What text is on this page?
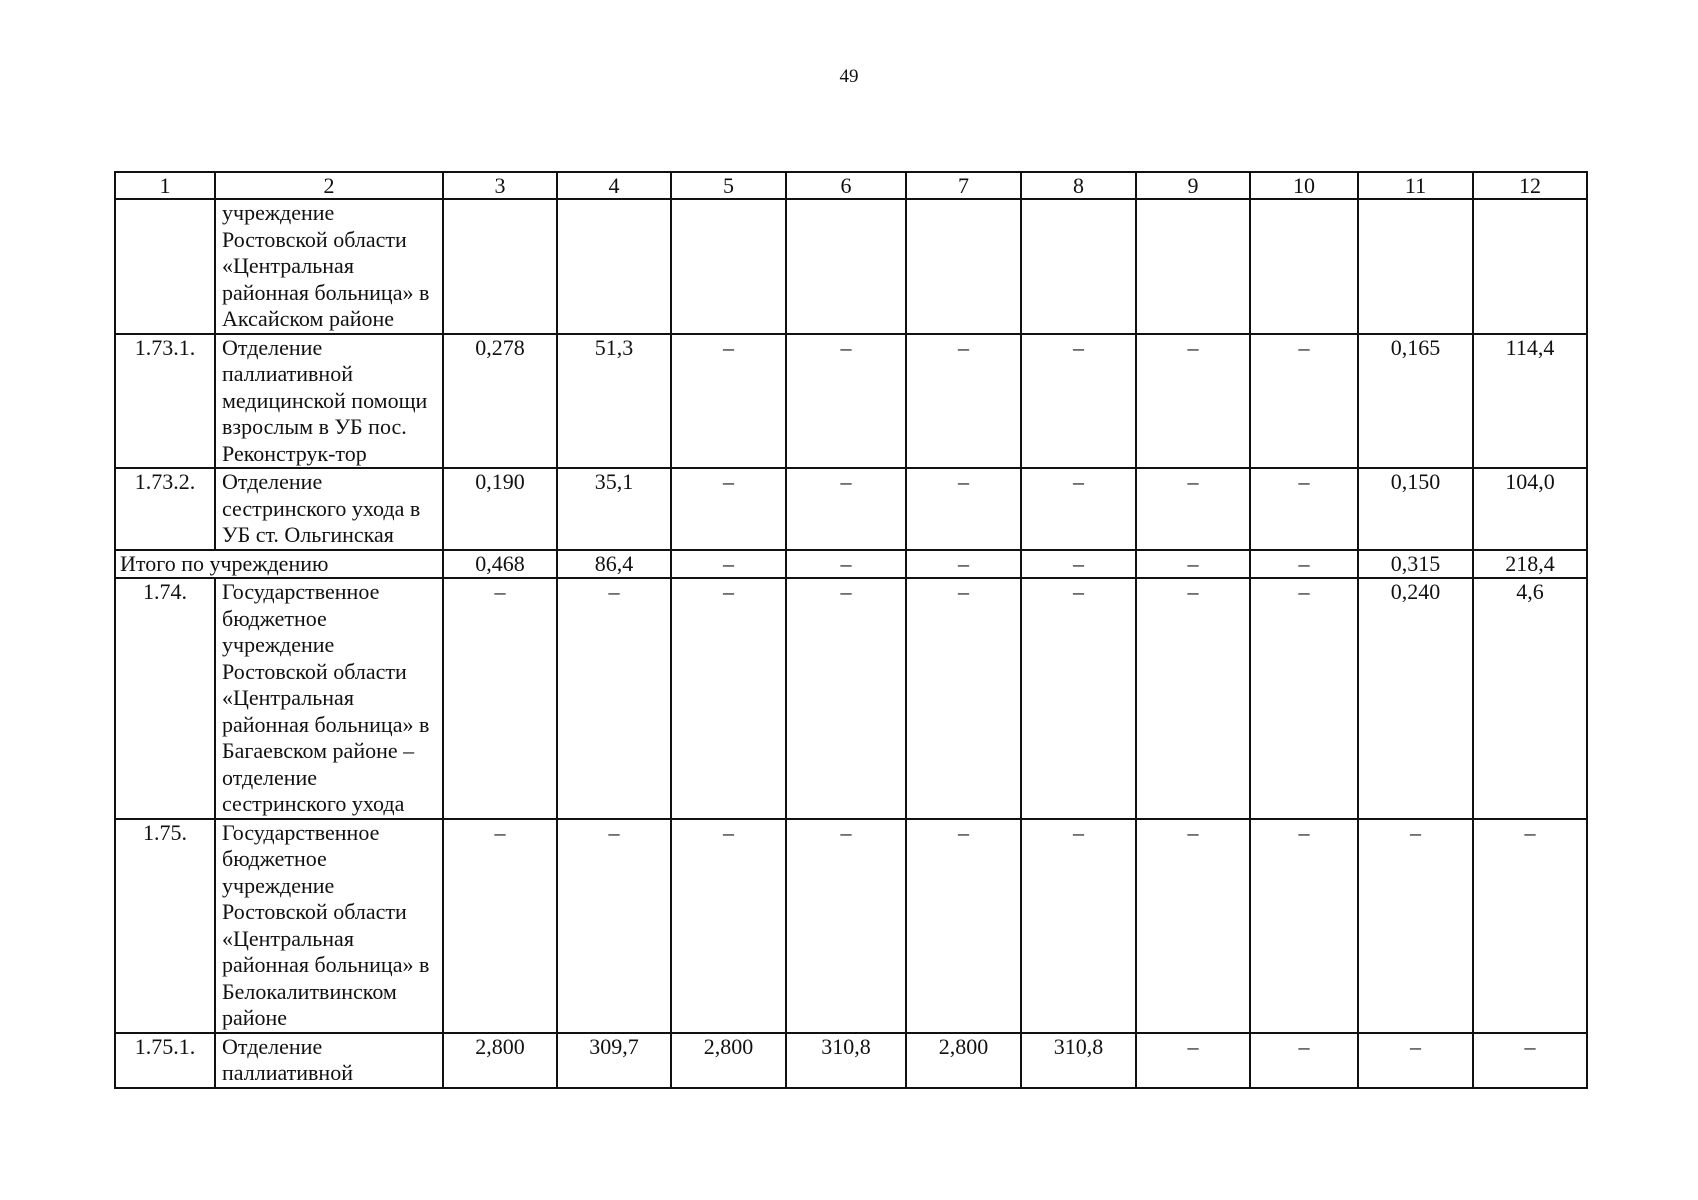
49
1	2	3	4	5	6	7	8	9	10	11	12
	учреждение Ростовской области «Центральная районная больница» в Аксайском районе										
1.73.1.	Отделение паллиативной медицинской помощи взрослым в УБ пос. Реконструк-тор	0,278	51,3	–	–	–	–	–	–	0,165	114,4
1.73.2.	Отделение сестринского ухода в УБ ст. Ольгинская	0,190	35,1	–	–	–	–	–	–	0,150	104,0
Итого по учреждению		0,468	86,4	–	–	–	–	–	–	0,315	218,4
1.74.	Государственное бюджетное учреждение Ростовской области «Центральная районная больница» в Багаевском районе – отделение сестринского ухода	–	–	–	–	–	–	–	–	0,240	4,6
1.75.	Государственное бюджетное учреждение Ростовской области «Центральная районная больница» в Белокалитвинском районе	–	–	–	–	–	–	–	–	–	–
1.75.1.	Отделение паллиативной	2,800	309,7	2,800	310,8	2,800	310,8	–	–	–	–
